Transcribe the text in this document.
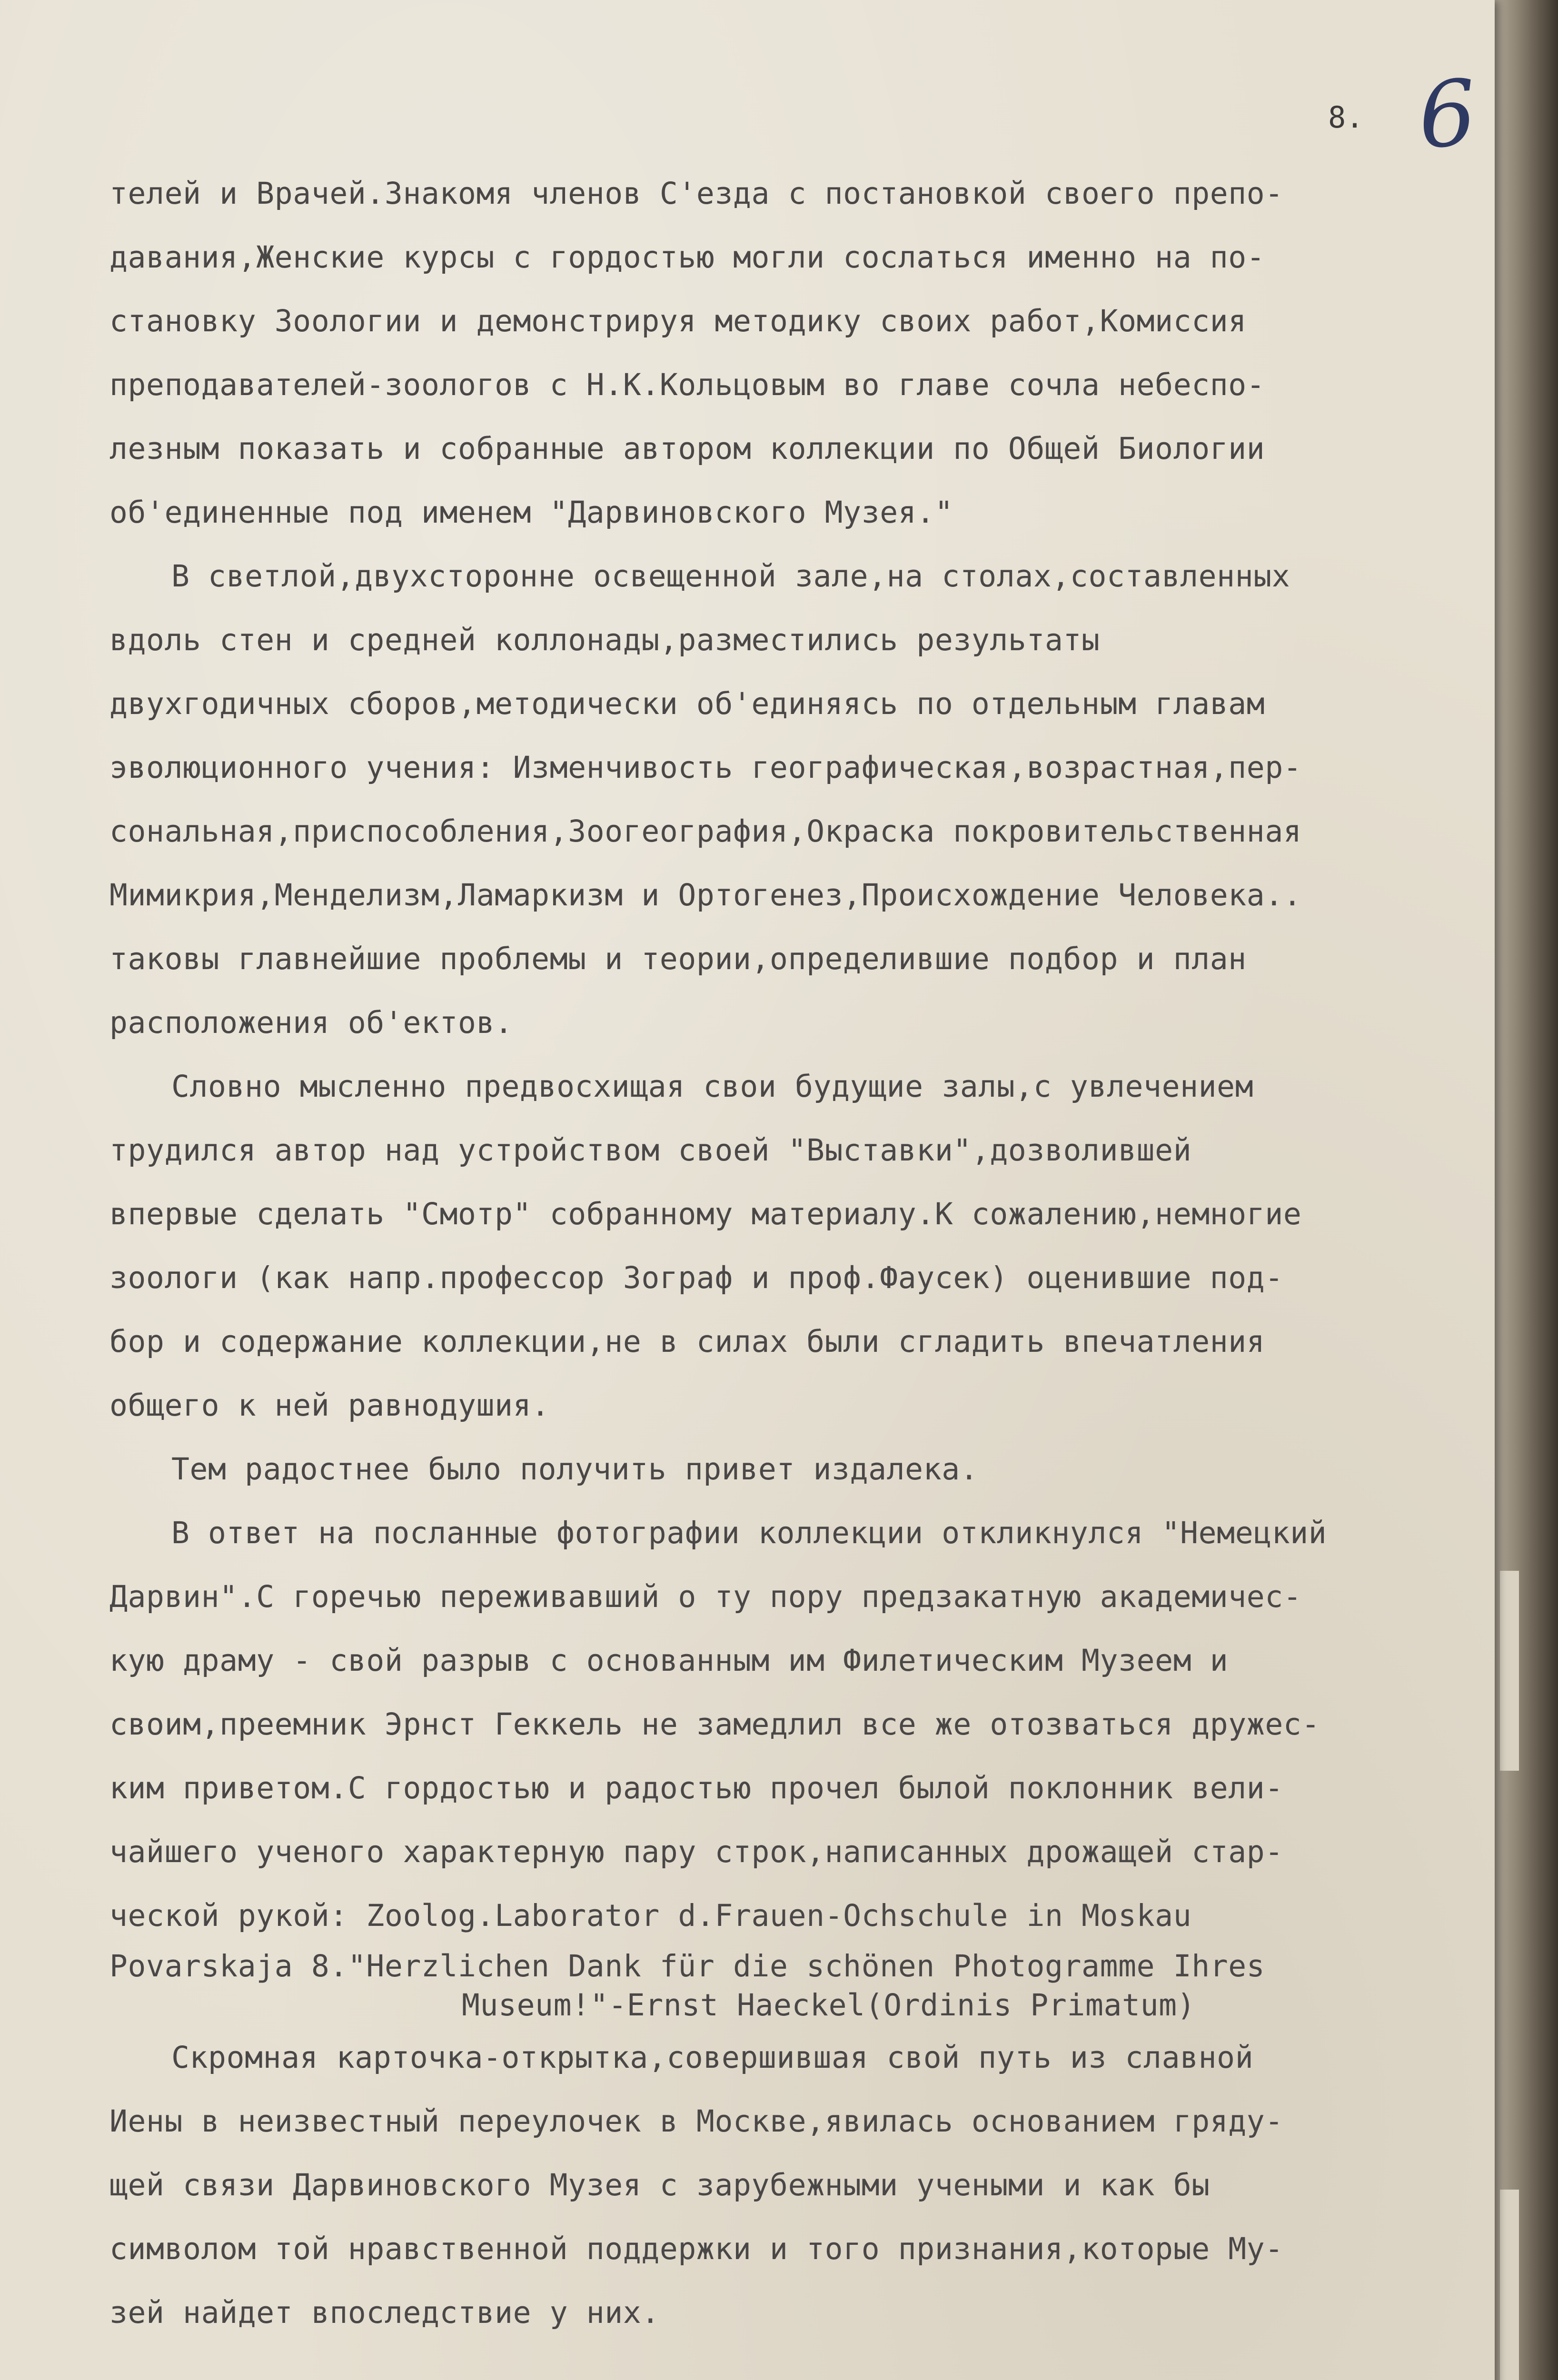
8. 6
телей и Врачей.Знакомя членов С'езда с постановкой своего препо-
давания,Женские курсы с гордостью могли сослаться именно на по-
становку Зоологии и демонстрируя методику своих работ,Комиссия
преподавателей-зоологов с Н.К.Кольцовым во главе сочла небеспо-
лезным показать и собранные автором коллекции по Общей Биологии
об'единенные под именем "Дарвиновского Музея."
В светлой,двухсторонне освещенной зале,на столах,составленных
вдоль стен и средней коллонады,разместились результаты
двухгодичных сборов,методически об'единяясь по отдельным главам
эволюционного учения: Изменчивость географическая,возрастная,пер-
сональная,приспособления,Зоогеография,Окраска покровительственная
Мимикрия,Менделизм,Ламаркизм и Ортогенез,Происхождение Человека..
таковы главнейшие проблемы и теории,определившие подбор и план
расположения об'ектов.
Словно мысленно предвосхищая свои будущие залы,с увлечением
трудился автор над устройством своей "Выставки",дозволившей
впервые сделать "Смотр" собранному материалу.К сожалению,немногие
зоологи (как напр.профессор Зограф и проф.Фаусек) оценившие под-
бор и содержание коллекции,не в силах были сгладить впечатления
общего к ней равнодушия.
Тем радостнее было получить привет издалека.
В ответ на посланные фотографии коллекции откликнулся "Немецкий
Дарвин".С горечью переживавший о ту пору предзакатную академичес-
кую драму - свой разрыв с основанным им Филетическим Музеем и
своим,преемник Эрнст Геккель не замедлил все же отозваться дружес-
ким приветом.С гордостью и радостью прочел былой поклонник вели-
чайшего ученого характерную пару строк,написанных дрожащей стар-
ческой рукой: Zoolog.Laborator d.Frauen-Ochschule in Moskau
Povarskaja 8."Herzlichen Dank für die schönen Photogramme Ihres
Museum!"-Ernst Haeckel(Ordinis Primatum)
Скромная карточка-открытка,совершившая свой путь из славной
Иены в неизвестный переулочек в Москве,явилась основанием гряду-
щей связи Дарвиновского Музея с зарубежными учеными и как бы
символом той нравственной поддержки и того признания,которые Му-
зей найдет впоследствие у них.
